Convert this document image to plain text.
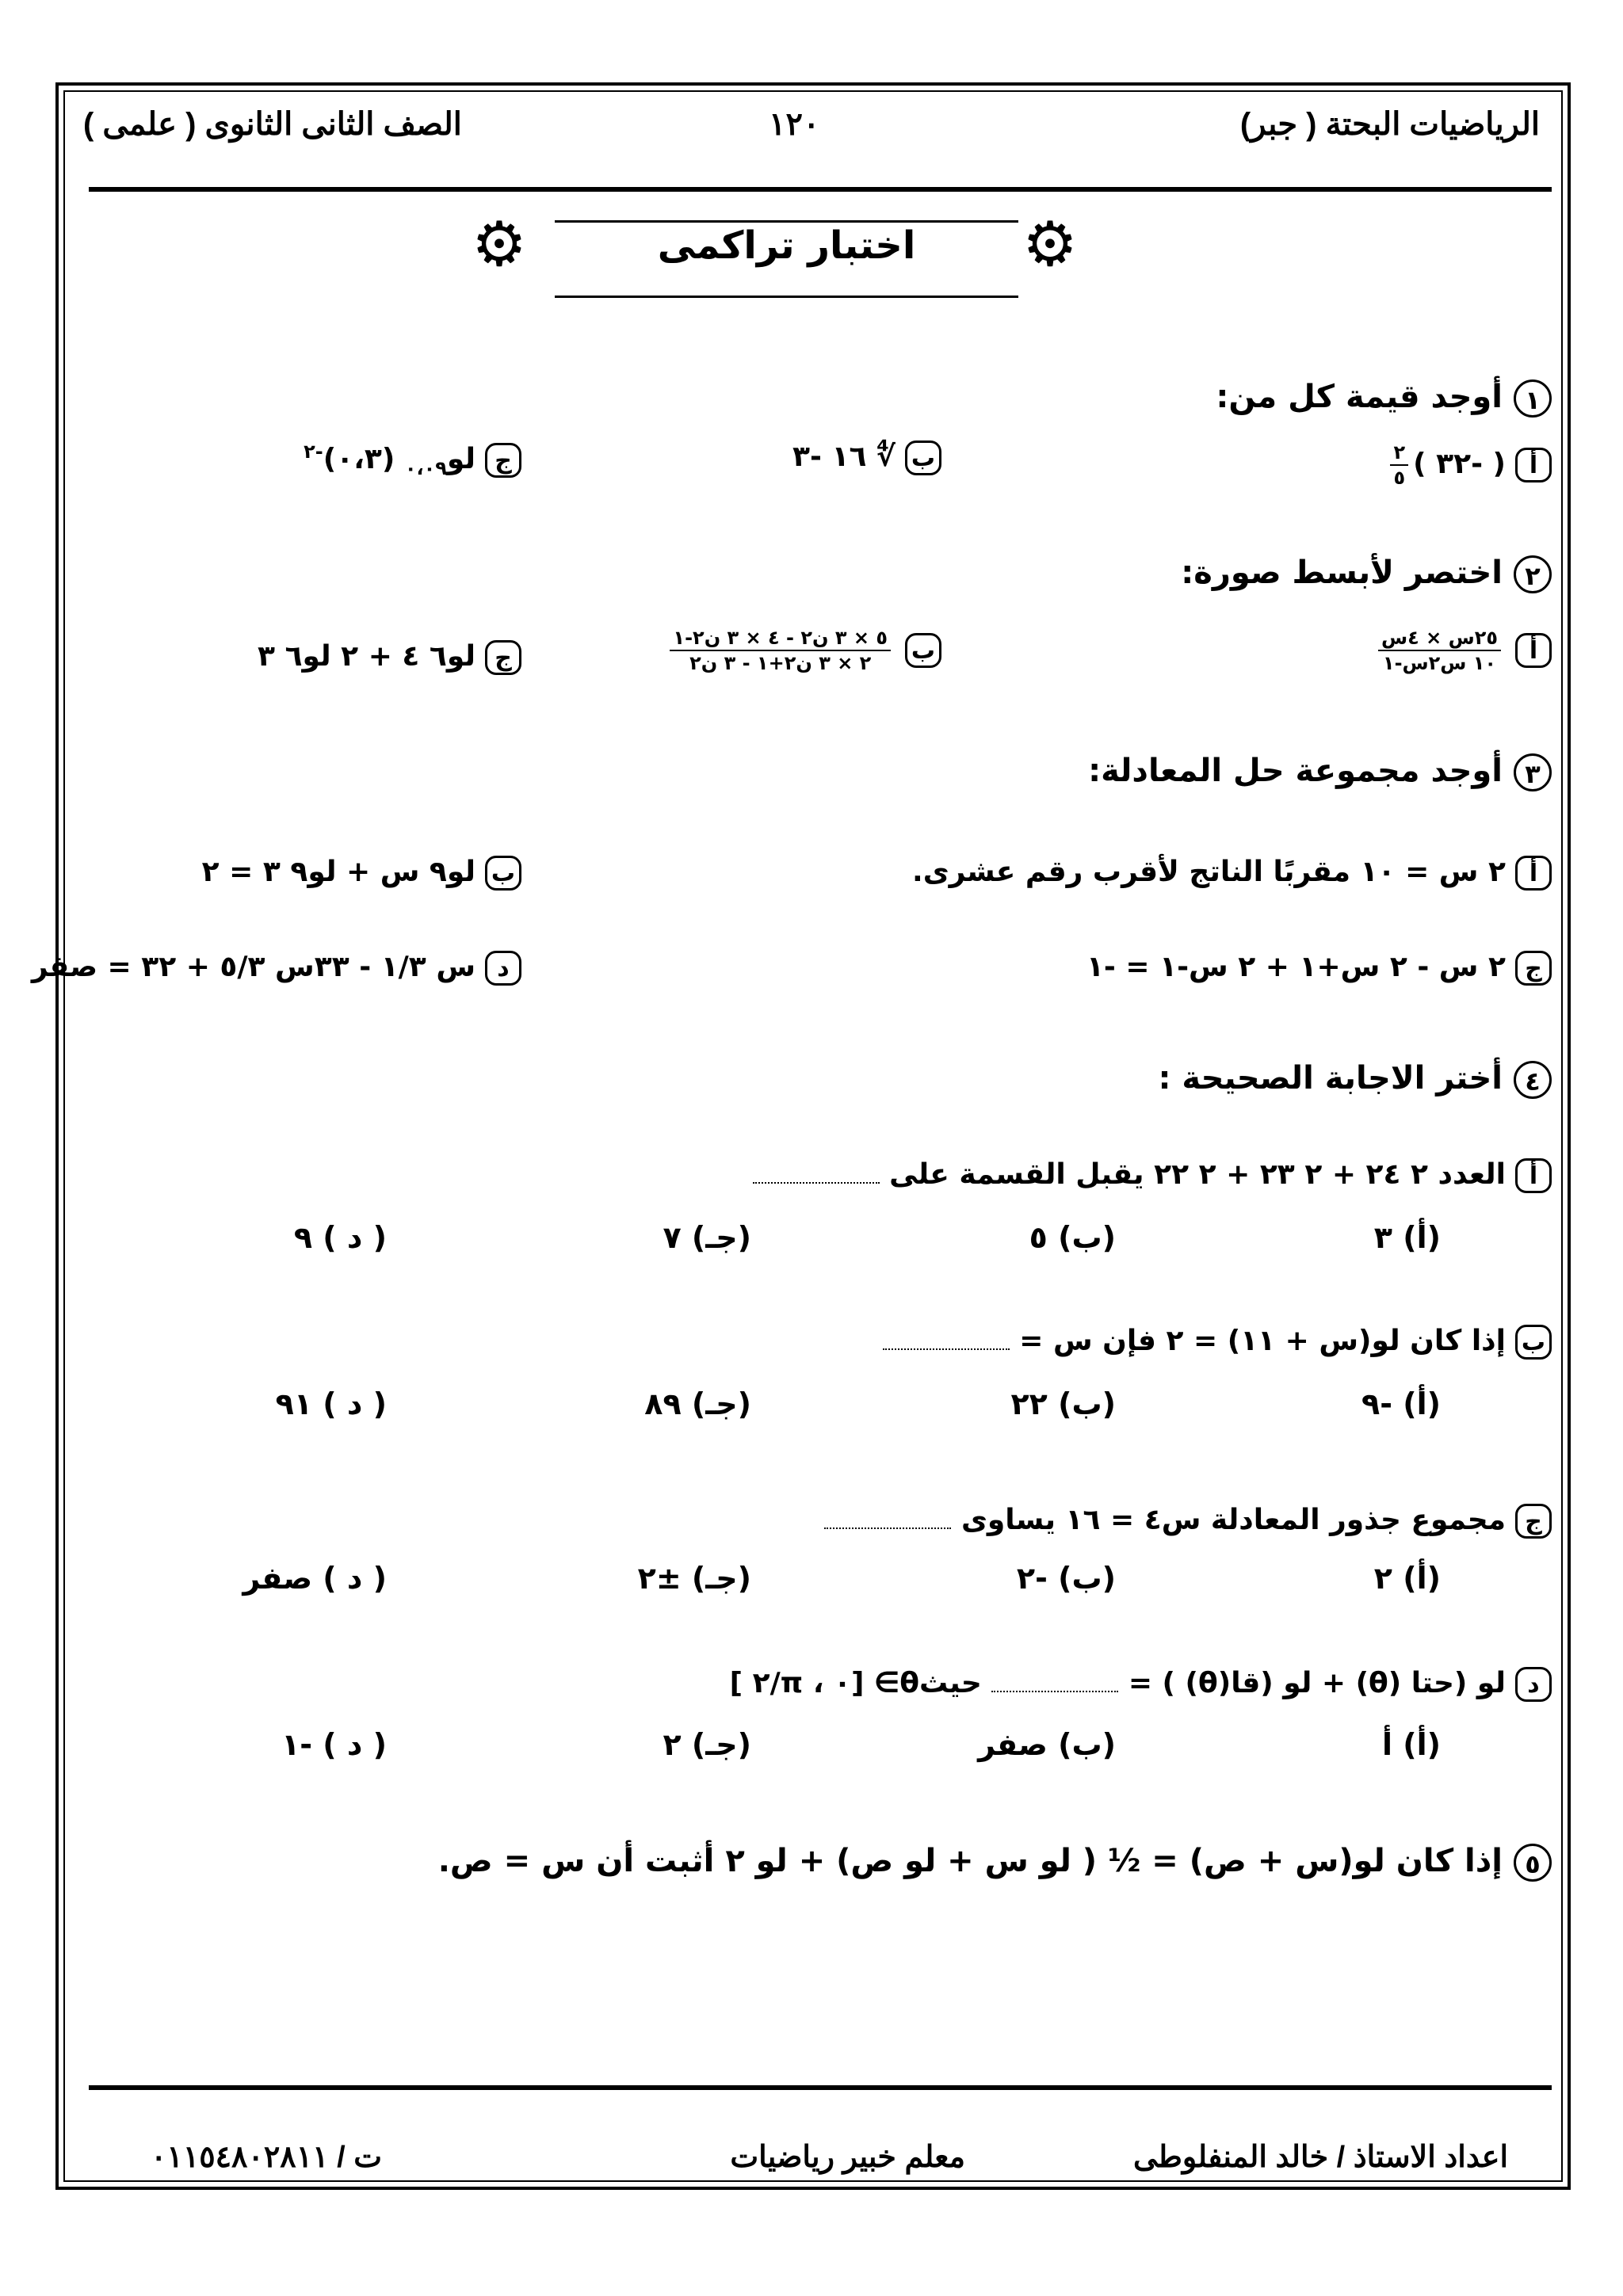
الرياضيات البحتة ( جبر)
١٢٠
الصف الثانى الثانوى ( علمى )
⚙	⚙
اختبار تراكمى
١أوجد قيمة كل من:
أ( -٣٢ )
$\frac{٢}{٥}$
ب∜ ١٦ -٣
جلو$_{٠،٠٩}$ (٠،٣)$^{-٢}$
٢اختصر لأبسط صورة:
أ
$\frac{\text{٢٥س × ٤س}}{\text{١٠ س٢س-١}}$
ب
$\frac{\text{٥ × ٣ ن٢ - ٤ × ٣ ن٢-١}}{\text{٢ × ٣ ن٢+١ - ٣ ن٢}}$
جلو٦ ٤ + ٢ لو٦ ٣
٣أوجد مجموعة حل المعادلة:
أ٢ س = ١٠ مقربًا الناتج لأقرب رقم عشرى.
بلو٩ س + لو٩ ٣ = ٢
ج٢ س - ٢ س+١ + ٢ س-١ = -١
دس ١/٣ - ٣٣س ٥/٣ + ٣٢ = صفر
٤أختر الاجابة الصحيحة :
أالعدد ٢ ٢٤ + ٢ ٢٣ + ٢ ٢٢ يقبل القسمة على
(أ) ٣
(ب) ٥
(جـ) ٧
( د ) ٩
بإذا كان لو(س + ١١) = ٢ فإن س =
(أ) -٩
(ب) ٢٢
(جـ) ٨٩
( د ) ٩١
جمجموع جذور المعادلة س٤ = ١٦ يساوى
(أ) ٢
(ب) -٢
(جـ) ±٢
( د ) صفر
دلو (حتا (θ) + لو (قا(θ) ) =  حيثθ∋ [٠ ، π/٢ ]
(أ) أ
(ب) صفر
(جـ) ٢
( د ) -١
٥إذا كان لو(س + ص) = ½ ( لو س + لو ص) + لو ٢ أثبت أن س = ص.
اعداد الاستاذ / خالد المنفلوطى
معلم خبير رياضيات
ت / ٠١١٥٤٨٠٢٨١١
